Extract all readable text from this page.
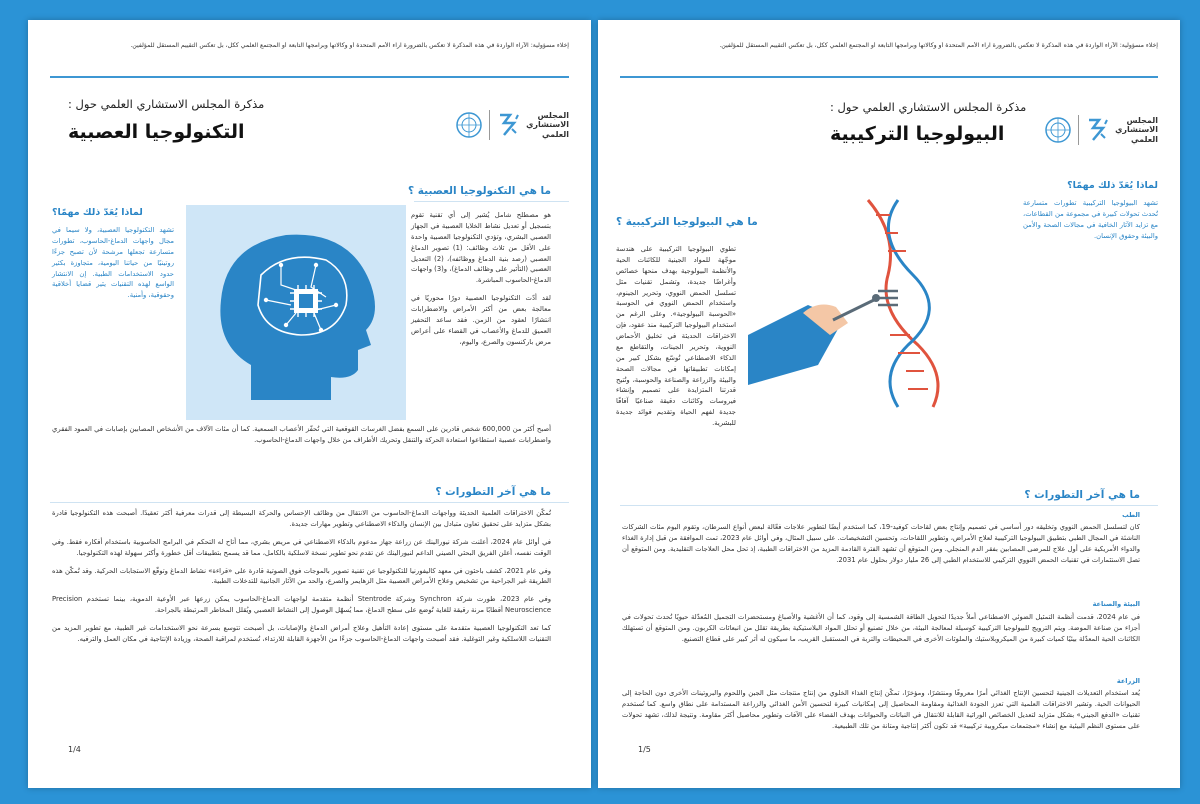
إخلاء مسؤولية: الآراء الواردة في هذه المذكرة لا تعكس بالضرورة آراء الأمم المتحدة أو وكالاتها وبرامجها التابعة أو المجتمع العلمي ككل، بل تعكس التقييم المستقل للمؤلفين.
مذكرة المجلس الاستشاري العلمي حول :
التكنولوجيا العصبية
المجلس
الاستشاري
العلمي
ما هي التكنولوجيا العصبية ؟

هو مصطلح شامل يُشير إلى أي تقنية تقوم بتسجيل أو تعديل نشاط الخلايا العصبية في الجهاز العصبي البشري، وتؤدي التكنولوجيا العصبية واحدة على الأقل من ثلاث وظائف: (1) تصوير الدماغ العصبي (رصد بنية الدماغ ووظائفه)، (2) التعديل العصبي (التأثير على وظائف الدماغ)، و(3) واجهات الدماغ-الحاسوب المباشرة.

لقد أدّت التكنولوجيا العصبية دورًا محوريًا في معالجة بعض من أكثر الأمراض والاضطرابات انتشارًا لعقود من الزمن. فقد ساعد التحفيز العميق للدماغ والأعصاب في القضاء على أعراض مرض باركنسون والصرع، واليوم،

لماذا يُعَدّ ذلك مهمًا؟
تشهد التكنولوجيا العصبية، ولا سيما في مجال واجهات الدماغ-الحاسوب، تطورات متسارعة تجعلها مرشحة لأن تصبح جزءًا روتينيًا من حياتنا اليومية، متجاوزة بكثير حدود الاستخدامات الطبية. إن الانتشار الواسع لهذه التقنيات يثير قضايا أخلاقية وحقوقية، وأمنية.
أصبح أكثر من 600,000 شخص قادرين على السمع بفضل الغرسات القوقعية التي تُحفّز الأعصاب السمعية. كما أن مئات الآلاف من الأشخاص المصابين بإصابات في العمود الفقري واضطرابات عصبية استطاعوا استعادة الحركة والتنقل وتحريك الأطراف من خلال واجهات الدماغ-الحاسوب.
ما هي آخر التطورات ؟

تُمكّن الاختراقات العلمية الحديثة وواجهات الدماغ-الحاسوب من الانتقال من وظائف الإحساس والحركة البسيطة إلى قدرات معرفية أكثر تعقيدًا. أصبحت هذه التكنولوجيا قادرة بشكل متزايد على تحقيق تعاون متبادل بين الإنسان والذكاء الاصطناعي وتطوير مهارات جديدة.

في أوائل عام 2024، أعلنت شركة نيورالينك عن زراعة جهاز مدعوم بالذكاء الاصطناعي في مريض بشري، مما أتاح له التحكم في البرامج الحاسوبية باستخدام أفكاره فقط. وفي الوقت نفسه، أعلن الفريق البحثي الصيني الداعم لنيورالينك عن تقدم نحو تطوير نسخة لاسلكية بالكامل، مما قد يسمح بتطبيقات أقل خطورة وأكثر سهولة لهذه التكنولوجيا.

وفي عام 2021، كشف باحثون في معهد كاليفورنيا للتكنولوجيا عن تقنية تصوير بالموجات فوق الصوتية قادرة على «قراءة» نشاط الدماغ وتوقّع الاستجابات الحركية. وقد تُمكّن هذه الطريقة غير الجراحية من تشخيص وعلاج الأمراض العصبية مثل الزهايمر والصرع، والحد من الآثار الجانبية للتدخلات الطبية.

وفي عام 2023، طورت شركة Synchron وشركة Stentrode أنظمة متقدمة لواجهات الدماغ-الحاسوب يمكن زرعها عبر الأوعية الدموية، بينما تستخدم Precision Neuroscience أقطابًا مرنة رقيقة للغاية تُوضع على سطح الدماغ، مما يُسهّل الوصول إلى النشاط العصبي ويُقلل المخاطر المرتبطة بالجراحة.

كما تعد التكنولوجيا العصبية متقدمة على مستوى إعادة التأهيل وعلاج أمراض الدماغ والإصابات، بل أصبحت تتوسع بسرعة نحو الاستخدامات غير الطبية، مع تطوير المزيد من التقنيات اللاسلكية وغير التوغلية. فقد أصبحت واجهات الدماغ-الحاسوب جزءًا من الأجهزة القابلة للارتداء، تُستخدم لمراقبة الصحة، وزيادة الإنتاجية في مكان العمل والترفيه.

1/4
إخلاء مسؤولية: الآراء الواردة في هذه المذكرة لا تعكس بالضرورة آراء الأمم المتحدة أو وكالاتها وبرامجها التابعة أو المجتمع العلمي ككل، بل تعكس التقييم المستقل للمؤلفين.
مذكرة المجلس الاستشاري العلمي حول :
البيولوجيا التركيبية
المجلس
الاستشاري
العلمي
لماذا يُعَدّ ذلك مهمًا؟
تشهد البيولوجيا التركيبية تطورات متسارعة تُحدث تحولات كبيرة في مجموعة من القطاعات، مع تزايد الآثار الخافية في مجالات الصحة والأمن والبيئة وحقوق الإنسان.
ما هي البيولوجيا التركيبية ؟
تطوي البيولوجيا التركيبية على هندسة موجّهة للمواد الجينية للكائنات الحية والأنظمة البيولوجية بهدف منحها خصائص وأغراضًا جديدة، وتشمل تقنيات مثل تسلسل الحمض النووي، وتحرير الجينوم، واستخدام الحمض النووي في الحوسبة «الحوسبة البيولوجية». وعلى الرغم من استخدام البيولوجيا التركيبية منذ عقود، فإن الاختراقات الحديثة في تخليق الأحماض النووية، وتحرير الجينات، والتقاطع مع الذكاء الاصطناعي تُوسّع بشكل كبير من إمكانات تطبيقاتها في مجالات الصحة والبيئة والزراعة والصناعة والحوسبة، وتُتيح قدرتنا المتزايدة على تصميم وإنشاء فيروسات وكائنات دقيقة صناعيًا آفاقًا جديدة لفهم الحياة وتقديم فوائد جديدة للبشرية.
ما هي آخر التطورات ؟
الطب
كان لتسلسل الحمض النووي وتخليقه دور أساسي في تصميم وإنتاج بعض لقاحات كوفيد-19، كما استخدم أيضًا لتطوير علاجات فعّالة لبعض أنواع السرطان، وتقوم اليوم مئات الشركات الناشئة في المجال الطبي بتطبيق البيولوجيا التركيبية لعلاج الأمراض، وتطوير اللقاحات، وتحسين التشخيصات. على سبيل المثال، وفي أوائل عام 2023، تمت الموافقة من قبل إدارة الغذاء والدواء الأمريكية على أول علاج للمرضى المصابين بفقر الدم المنجلي. ومن المتوقع أن تشهد الفترة القادمة المزيد من الاختراقات الطبية، إذ تحل محل العلاجات التقليدية. ومن المتوقع أن تصل الاستثمارات في تقنيات الحمض النووي التركيبي للاستخدام الطبي إلى 26 مليار دولار بحلول عام 2031.
البيئة والصناعة
في عام 2024، قدمت أنظمة التمثيل الضوئي الاصطناعي أملاً جديدًا لتحويل الطاقة الشمسية إلى وقود، كما أن الأغشية والأصباغ ومستحضرات التجميل المُعدّلة حيويًا تُحدث تحولات في أجزاء من صناعة الموضة. ويتم الترويج للبيولوجيا التركيبية كوسيلة لمعالجة البيئة، من خلال تصنيع أو تحلل المواد البلاستيكية بطريقة تقلل من انبعاثات الكربون. ومن المتوقع أن تستهلك الكائنات الحية المعدّلة بيئيًا كميات كبيرة من الميكروبلاستيك والملوثات الأخرى في المحيطات والتربة في المستقبل القريب، ما سيكون له أثر كبير على قطاع التصنيع.
الزراعة
يُعد استخدام التعديلات الجينية لتحسين الإنتاج الغذائي أمرًا معروفًا ومنتشرًا، ومؤخرًا، تمكّن إنتاج الغذاء الخلوي من إنتاج منتجات مثل الجبن واللحوم والبروتينات الأخرى دون الحاجة إلى الحيوانات الحية. وتشير الاختراقات العلمية التي تعزز الجودة الغذائية ومقاومة المحاصيل إلى إمكانيات كبيرة لتحسين الأمن الغذائي والزراعة المستدامة على نطاق واسع. كما تُستخدم تقنيات «الدفع الجيني» بشكل متزايد لتعديل الخصائص الوراثية القابلة للانتقال في النباتات والحيوانات بهدف القضاء على الآفات وتطوير محاصيل أكثر مقاومة. ونتيجة لذلك، تشهد تحولات على مستوى النظم البيئية مع إنشاء «مجتمعات ميكروبية تركيبية» قد تكون أكثر إنتاجية ومتانة من تلك الطبيعية.
1/5
